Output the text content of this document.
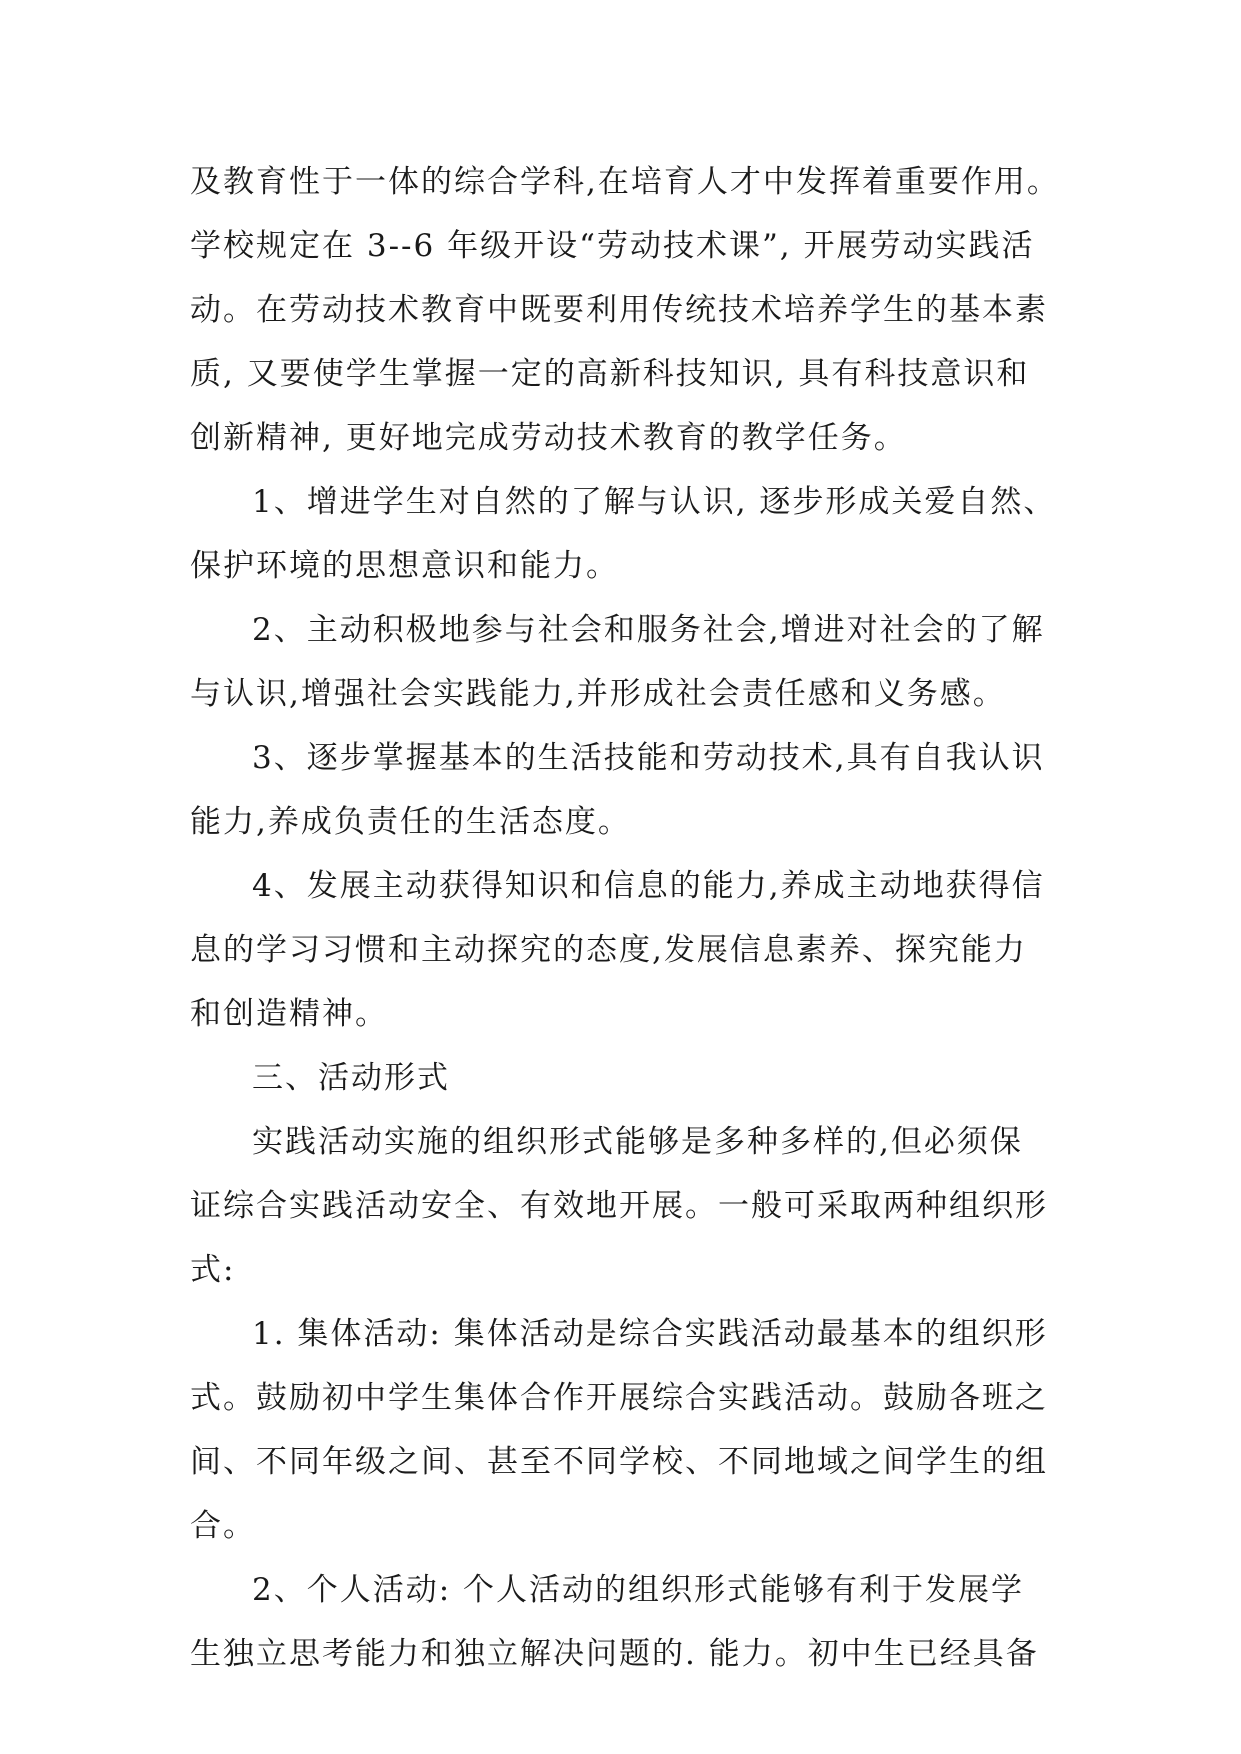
及教育性于一体的综合学科,在培育人才中发挥着重要作用。
学校规定在 3--6 年级开设“劳动技术课”, 开展劳动实践活
动。在劳动技术教育中既要利用传统技术培养学生的基本素
质, 又要使学生掌握一定的高新科技知识, 具有科技意识和
创新精神, 更好地完成劳动技术教育的教学任务。
1、增进学生对自然的了解与认识, 逐步形成关爱自然、
保护环境的思想意识和能力。
2、主动积极地参与社会和服务社会,增进对社会的了解
与认识,增强社会实践能力,并形成社会责任感和义务感。
3、逐步掌握基本的生活技能和劳动技术,具有自我认识
能力,养成负责任的生活态度。
4、发展主动获得知识和信息的能力,养成主动地获得信
息的学习习惯和主动探究的态度,发展信息素养、探究能力
和创造精神。
三、活动形式
实践活动实施的组织形式能够是多种多样的,但必须保
证综合实践活动安全、有效地开展。一般可采取两种组织形
式:
1. 集体活动: 集体活动是综合实践活动最基本的组织形
式。鼓励初中学生集体合作开展综合实践活动。鼓励各班之
间、不同年级之间、甚至不同学校、不同地域之间学生的组
合。
2、个人活动: 个人活动的组织形式能够有利于发展学
生独立思考能力和独立解决问题的. 能力。初中生已经具备
